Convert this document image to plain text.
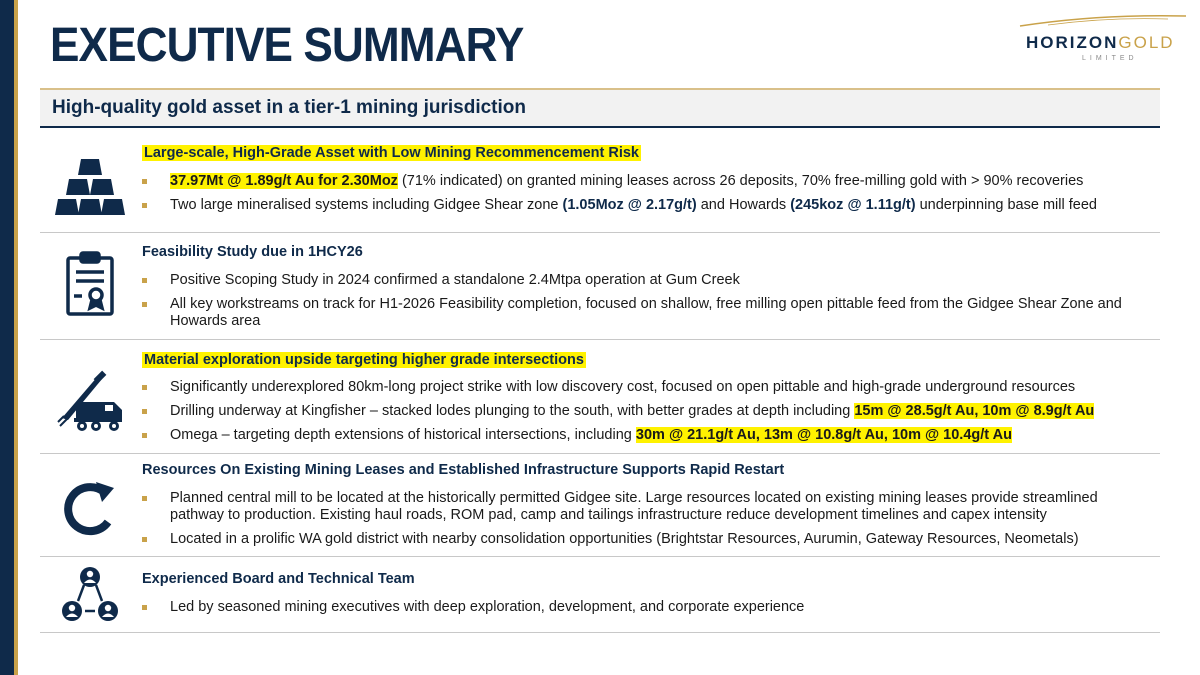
EXECUTIVE SUMMARY	HORIZONGOLD
LIMITED
High-quality gold asset in a tier-1 mining jurisdiction
Large-scale, High-Grade Asset with Low Mining Recommencement Risk
37.97Mt @ 1.89g/t Au for 2.30Moz (71% indicated) on granted mining leases across 26 deposits, 70% free-milling gold with > 90% recoveries
Two large mineralised systems including Gidgee Shear zone (1.05Moz @ 2.17g/t) and Howards (245koz @ 1.11g/t) underpinning base mill feed
Feasibility Study due in 1HCY26
Positive Scoping Study in 2024 confirmed a standalone 2.4Mtpa operation at Gum Creek
All key workstreams on track for H1-2026 Feasibility completion, focused on shallow, free milling open pittable feed from the Gidgee Shear Zone and Howards area
Material exploration upside targeting higher grade intersections
Significantly underexplored 80km-long project strike with low discovery cost, focused on open pittable and high-grade underground resources
Drilling underway at Kingfisher – stacked lodes plunging to the south, with better grades at depth including 15m @ 28.5g/t Au, 10m @ 8.9g/t Au
Omega – targeting depth extensions of historical intersections, including 30m @ 21.1g/t Au, 13m @ 10.8g/t Au, 10m @ 10.4g/t Au
Resources On Existing Mining Leases and Established Infrastructure Supports Rapid Restart
Planned central mill to be located at the historically permitted Gidgee site. Large resources located on existing mining leases provide streamlined pathway to production. Existing haul roads, ROM pad, camp and tailings infrastructure reduce development timelines and capex intensity
Located in a prolific WA gold district with nearby consolidation opportunities (Brightstar Resources, Aurumin, Gateway Resources, Neometals)
Experienced Board and Technical Team
Led by seasoned mining executives with deep exploration, development, and corporate experience
